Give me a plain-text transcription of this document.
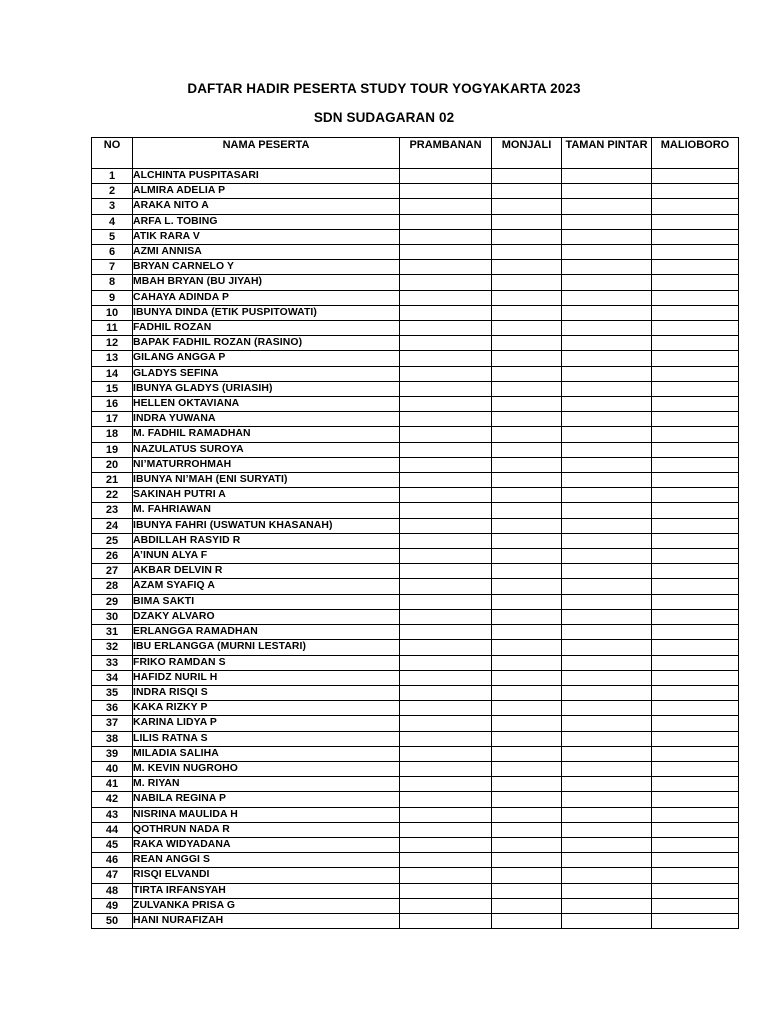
DAFTAR HADIR PESERTA STUDY TOUR YOGYAKARTA 2023
SDN SUDAGARAN 02
NO	NAMA PESERTA	PRAMBANAN	MONJALI	TAMAN PINTAR	MALIOBORO
1	ALCHINTA PUSPITASARI				
2	ALMIRA ADELIA P				
3	ARAKA NITO A				
4	ARFA L. TOBING				
5	ATIK RARA V				
6	AZMI ANNISA				
7	BRYAN CARNELO Y				
8	MBAH BRYAN (BU JIYAH)				
9	CAHAYA ADINDA P				
10	IBUNYA DINDA (ETIK PUSPITOWATI)				
11	FADHIL ROZAN				
12	BAPAK FADHIL ROZAN (RASINO)				
13	GILANG ANGGA P				
14	GLADYS SEFINA				
15	IBUNYA GLADYS (URIASIH)				
16	HELLEN OKTAVIANA				
17	INDRA YUWANA				
18	M. FADHIL RAMADHAN				
19	NAZULATUS SUROYA				
20	NI’MATURROHMAH				
21	IBUNYA NI’MAH (ENI SURYATI)				
22	SAKINAH PUTRI A				
23	M. FAHRIAWAN				
24	IBUNYA FAHRI (USWATUN KHASANAH)				
25	ABDILLAH RASYID R				
26	A’INUN ALYA F				
27	AKBAR DELVIN R				
28	AZAM SYAFIQ A				
29	BIMA SAKTI				
30	DZAKY ALVARO				
31	ERLANGGA RAMADHAN				
32	IBU ERLANGGA (MURNI LESTARI)				
33	FRIKO RAMDAN S				
34	HAFIDZ NURIL H				
35	INDRA RISQI S				
36	KAKA RIZKY P				
37	KARINA LIDYA P				
38	LILIS RATNA S				
39	MILADIA SALIHA				
40	M. KEVIN NUGROHO				
41	M. RIYAN				
42	NABILA REGINA P				
43	NISRINA MAULIDA H				
44	QOTHRUN NADA R				
45	RAKA WIDYADANA				
46	REAN ANGGI S				
47	RISQI ELVANDI				
48	TIRTA IRFANSYAH				
49	ZULVANKA PRISA G				
50	HANI NURAFIZAH				
